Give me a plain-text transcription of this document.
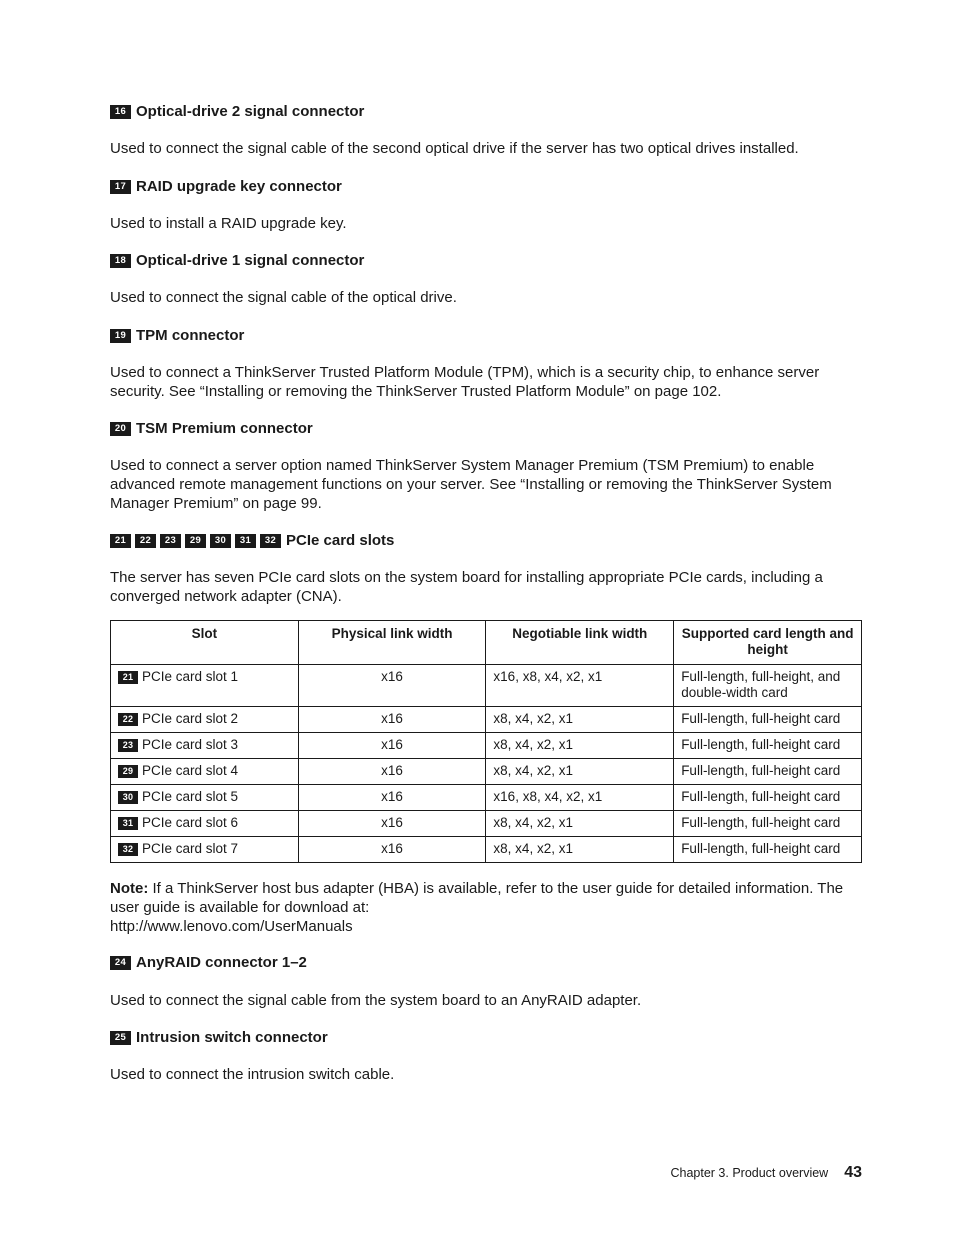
16 Optical-drive 2 signal connector
Used to connect the signal cable of the second optical drive if the server has two optical drives installed.
17 RAID upgrade key connector
Used to install a RAID upgrade key.
18 Optical-drive 1 signal connector
Used to connect the signal cable of the optical drive.
19 TPM connector
Used to connect a ThinkServer Trusted Platform Module (TPM), which is a security chip, to enhance server security. See “Installing or removing the ThinkServer Trusted Platform Module” on page 102.
20 TSM Premium connector
Used to connect a server option named ThinkServer System Manager Premium (TSM Premium) to enable advanced remote management functions on your server. See “Installing or removing the ThinkServer System Manager Premium” on page 99.
21	22	23	29	30	31	32 PCIe card slots
The server has seven PCIe card slots on the system board for installing appropriate PCIe cards, including a converged network adapter (CNA).
Slot	Physical link width	Negotiable link width	Supported card length and height
21 PCIe card slot 1	x16	x16, x8, x4, x2, x1	Full-length, full-height, and double-width card
22 PCIe card slot 2	x16	x8, x4, x2, x1	Full-length, full-height card
23 PCIe card slot 3	x16	x8, x4, x2, x1	Full-length, full-height card
29 PCIe card slot 4	x16	x8, x4, x2, x1	Full-length, full-height card
30 PCIe card slot 5	x16	x16, x8, x4, x2, x1	Full-length, full-height card
31 PCIe card slot 6	x16	x8, x4, x2, x1	Full-length, full-height card
32 PCIe card slot 7	x16	x8, x4, x2, x1	Full-length, full-height card
Note: If a ThinkServer host bus adapter (HBA) is available, refer to the user guide for detailed information. The user guide is available for download at:
http://www.lenovo.com/UserManuals
24 AnyRAID connector 1–2
Used to connect the signal cable from the system board to an AnyRAID adapter.
25 Intrusion switch connector
Used to connect the intrusion switch cable.
Chapter 3. Product overview 43
